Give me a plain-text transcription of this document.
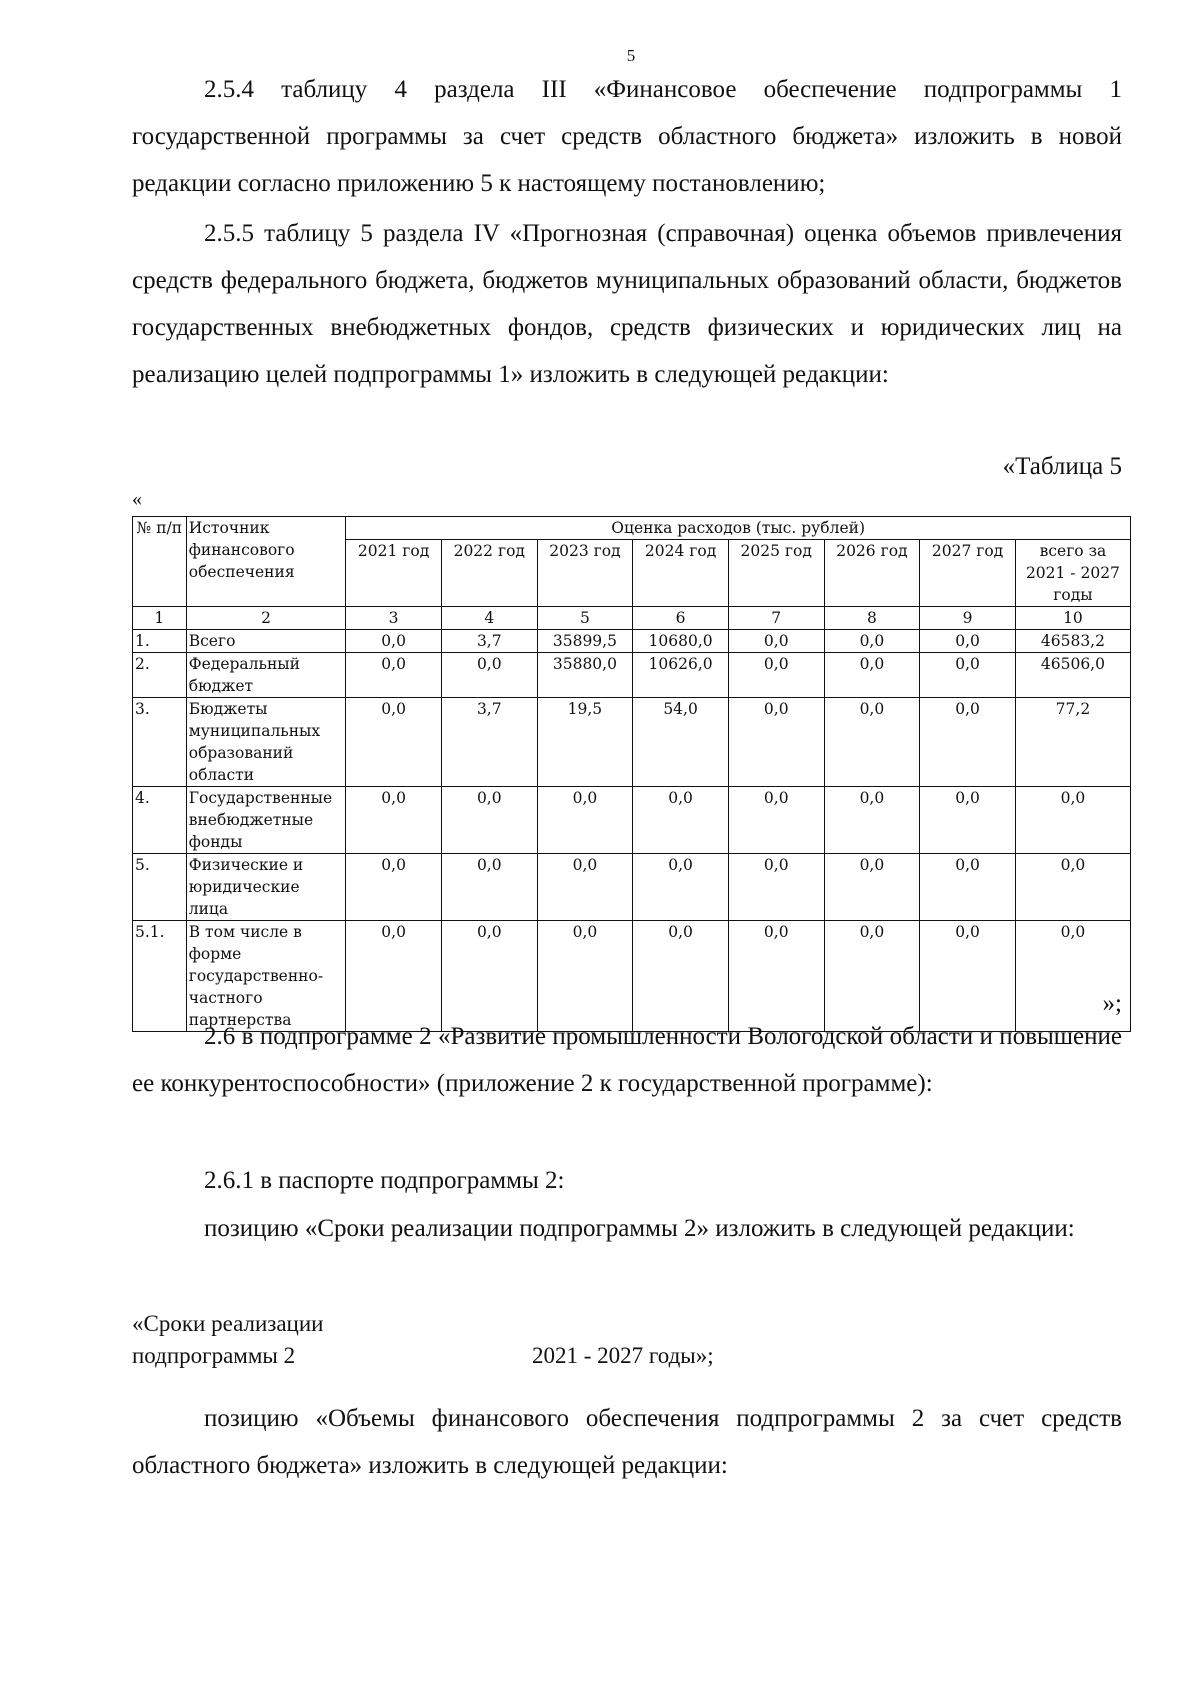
5
2.5.4 таблицу 4 раздела III «Финансовое обеспечение подпрограммы 1 государственной программы за счет средств областного бюджета» изложить в новой редакции согласно приложению 5 к настоящему постановлению;
2.5.5 таблицу 5 раздела IV «Прогнозная (справочная) оценка объемов привлечения средств федерального бюджета, бюджетов муниципальных образований области, бюджетов государственных внебюджетных фондов, средств физических и юридических лиц на реализацию целей подпрограммы 1» изложить в следующей редакции:
«Таблица 5
«
№ п/п	Источник финансового обеспечения	Оценка расходов (тыс. рублей)							
		2021 год	2022 год	2023 год	2024 год	2025 год	2026 год	2027 год	всего за 2021 - 2027 годы
1	2	3	4	5	6	7	8	9	10
1.	Всего	0,0	3,7	35899,5	10680,0	0,0	0,0	0,0	46583,2
2.	Федеральный бюджет	0,0	0,0	35880,0	10626,0	0,0	0,0	0,0	46506,0
3.	Бюджеты муниципальных образований области	0,0	3,7	19,5	54,0	0,0	0,0	0,0	77,2
4.	Государственные внебюджетные фонды	0,0	0,0	0,0	0,0	0,0	0,0	0,0	0,0
5.	Физические и юридические лица	0,0	0,0	0,0	0,0	0,0	0,0	0,0	0,0
5.1.	В том числе в форме государственно-частного партнерства	0,0	0,0	0,0	0,0	0,0	0,0	0,0	0,0
»;
2.6 в подпрограмме 2 «Развитие промышленности Вологодской области и повышение ее конкурентоспособности» (приложение 2 к государственной программе):
2.6.1 в паспорте подпрограммы 2:
позицию «Сроки реализации подпрограммы 2» изложить в следующей редакции:
«Сроки реализации
подпрограммы 2	2021 - 2027 годы»;
позицию «Объемы финансового обеспечения подпрограммы 2 за счет средств областного бюджета» изложить в следующей редакции:
